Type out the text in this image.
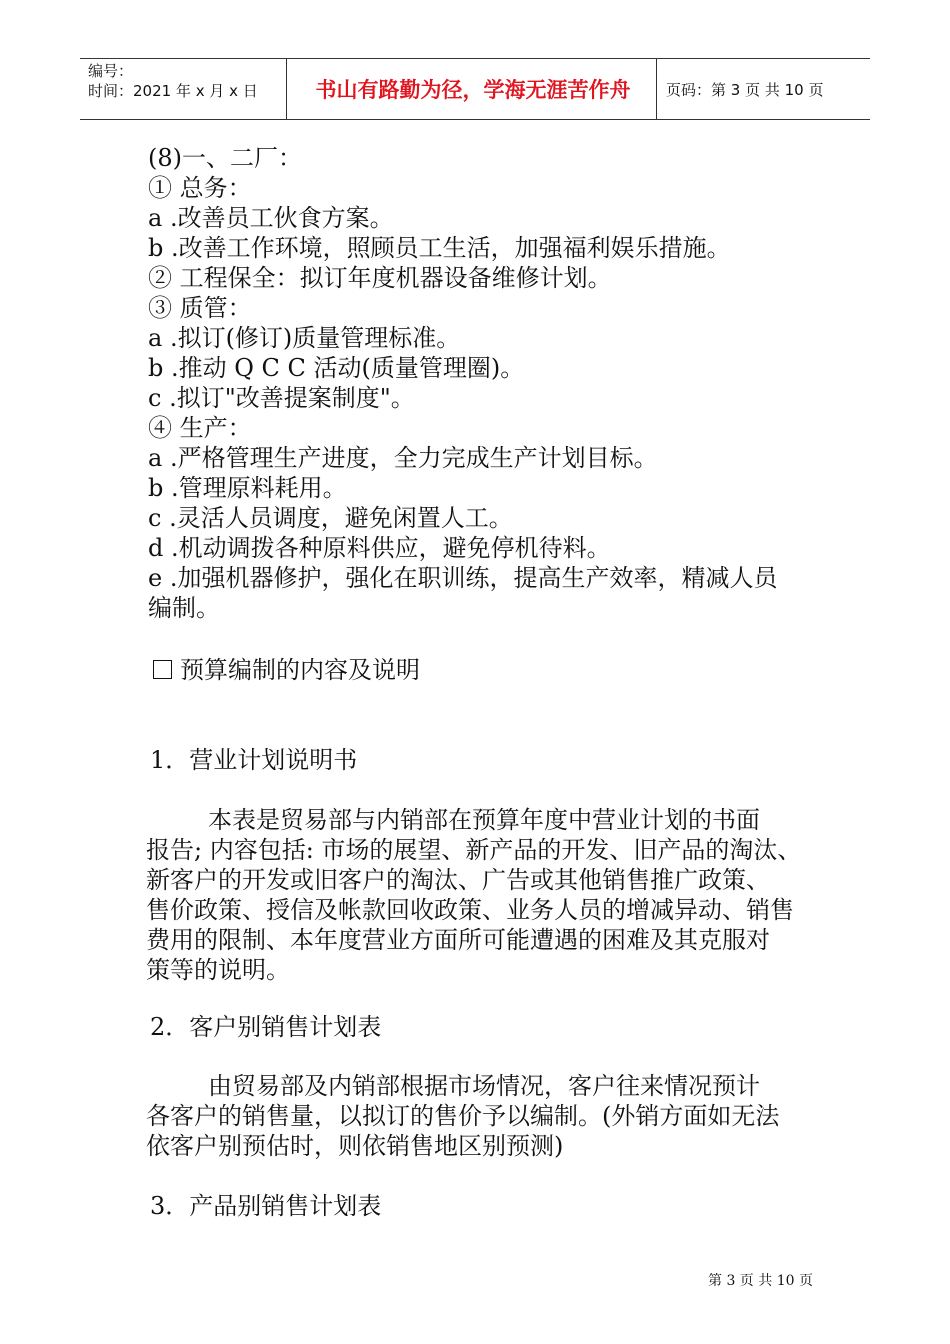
编号：
时间：2021 年 x 月 x 日	书山有路勤为径，学海无涯苦作舟	页码：第 3 页 共 10 页
(8)一、二厂：
① 总务：
a .改善员工伙食方案。
b .改善工作环境，照顾员工生活，加强福利娱乐措施。
② 工程保全：拟订年度机器设备维修计划。
③ 质管：
a .拟订(修订)质量管理标准。
b .推动 Q C C 活动(质量管理圈)。
c .拟订"改善提案制度"。
④ 生产：
a .严格管理生产进度，全力完成生产计划目标。
b .管理原料耗用。
c .灵活人员调度，避免闲置人工。
d .机动调拨各种原料供应，避免停机待料。
e .加强机器修护，强化在职训练，提高生产效率，精减人员
编制。
预算编制的内容及说明
1．营业计划说明书
本表是贸易部与内销部在预算年度中营业计划的书面
报告; 内容包括: 市场的展望、新产品的开发、旧产品的淘汰、
新客户的开发或旧客户的淘汰、广告或其他销售推广政策、
售价政策、授信及帐款回收政策、业务人员的增减异动、销售
费用的限制、本年度营业方面所可能遭遇的困难及其克服对
策等的说明。
2．客户别销售计划表
由贸易部及内销部根据市场情况，客户往来情况预计
各客户的销售量，以拟订的售价予以编制。(外销方面如无法
依客户别预估时，则依销售地区别预测)
3．产品别销售计划表
第 3 页 共 10 页
